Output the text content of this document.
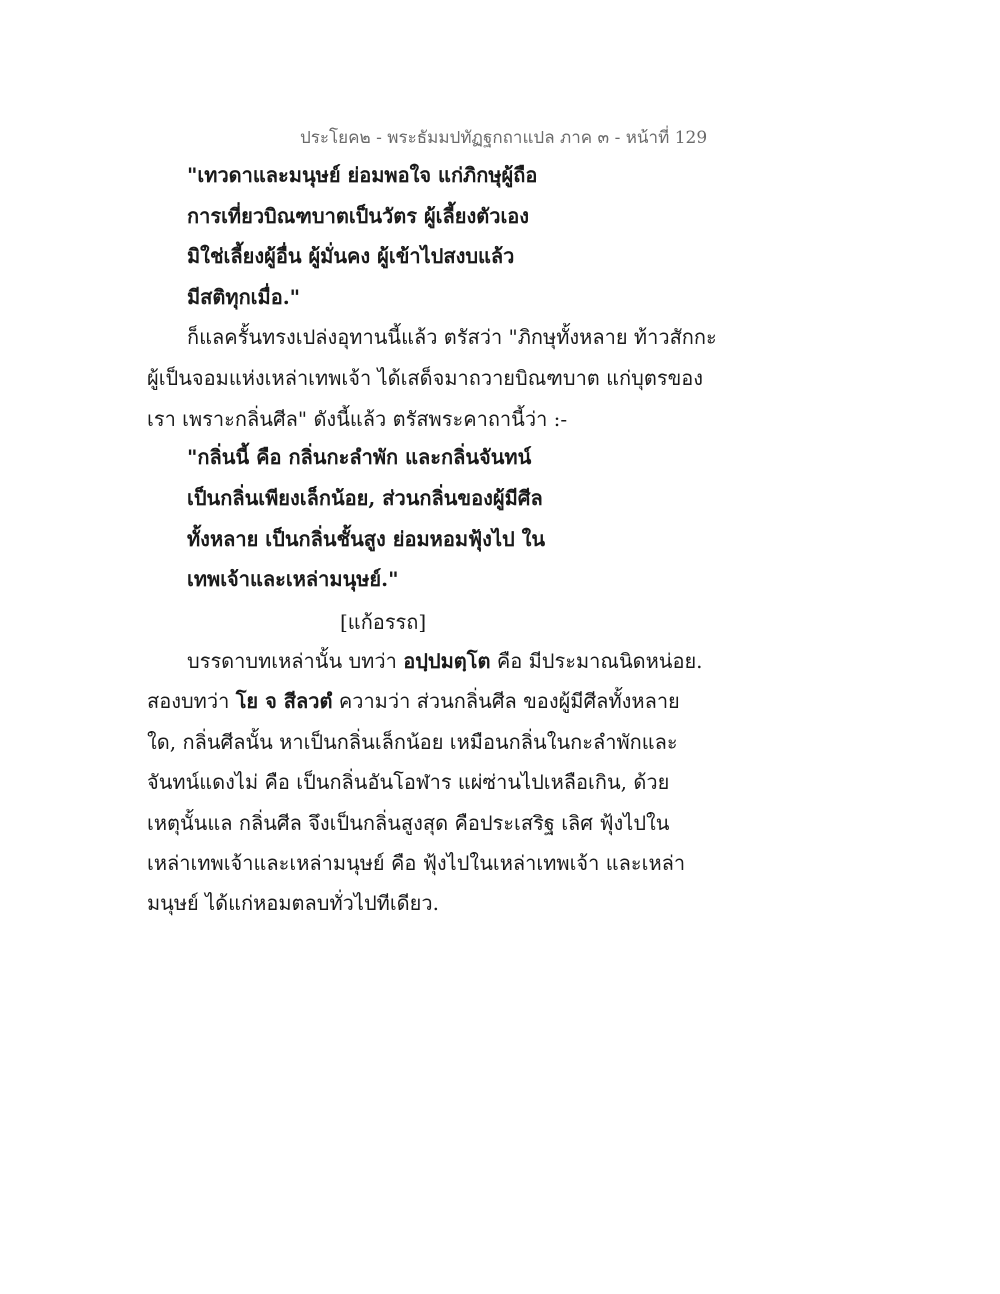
ประโยค๒ - พระธัมมปทัฏฐกถาแปล ภาค ๓ - หน้าที่ 129
"เทวดาและมนุษย์ ย่อมพอใจ แก่ภิกษุผู้ถือ
การเที่ยวบิณฑบาตเป็นวัตร ผู้เลี้ยงตัวเอง
มิใช่เลี้ยงผู้อื่น ผู้มั่นคง ผู้เข้าไปสงบแล้ว
มีสติทุกเมื่อ."
ก็แลครั้นทรงเปล่งอุทานนี้แล้ว ตรัสว่า "ภิกษุทั้งหลาย ท้าวสักกะ
ผู้เป็นจอมแห่งเหล่าเทพเจ้า ได้เสด็จมาถวายบิณฑบาต แก่บุตรของ
เรา เพราะกลิ่นศีล" ดังนี้แล้ว ตรัสพระคาถานี้ว่า :-
"กลิ่นนี้ คือ กลิ่นกะลำพัก และกลิ่นจันทน์
เป็นกลิ่นเพียงเล็กน้อย, ส่วนกลิ่นของผู้มีศีล
ทั้งหลาย เป็นกลิ่นชั้นสูง ย่อมหอมฟุ้งไป ใน
เทพเจ้าและเหล่ามนุษย์."
[แก้อรรถ]
บรรดาบทเหล่านั้น บทว่า อปฺปมตฺโต คือ มีประมาณนิดหน่อย.
สองบทว่า โย จ สีลวตํ ความว่า ส่วนกลิ่นศีล ของผู้มีศีลทั้งหลาย
ใด, กลิ่นศีลนั้น หาเป็นกลิ่นเล็กน้อย เหมือนกลิ่นในกะลำพักและ
จันทน์แดงไม่ คือ เป็นกลิ่นอันโอฬาร แผ่ซ่านไปเหลือเกิน, ด้วย
เหตุนั้นแล กลิ่นศีล จึงเป็นกลิ่นสูงสุด คือประเสริฐ เลิศ ฟุ้งไปใน
เหล่าเทพเจ้าและเหล่ามนุษย์ คือ ฟุ้งไปในเหล่าเทพเจ้า และเหล่า
มนุษย์ ได้แก่หอมตลบทั่วไปทีเดียว.
